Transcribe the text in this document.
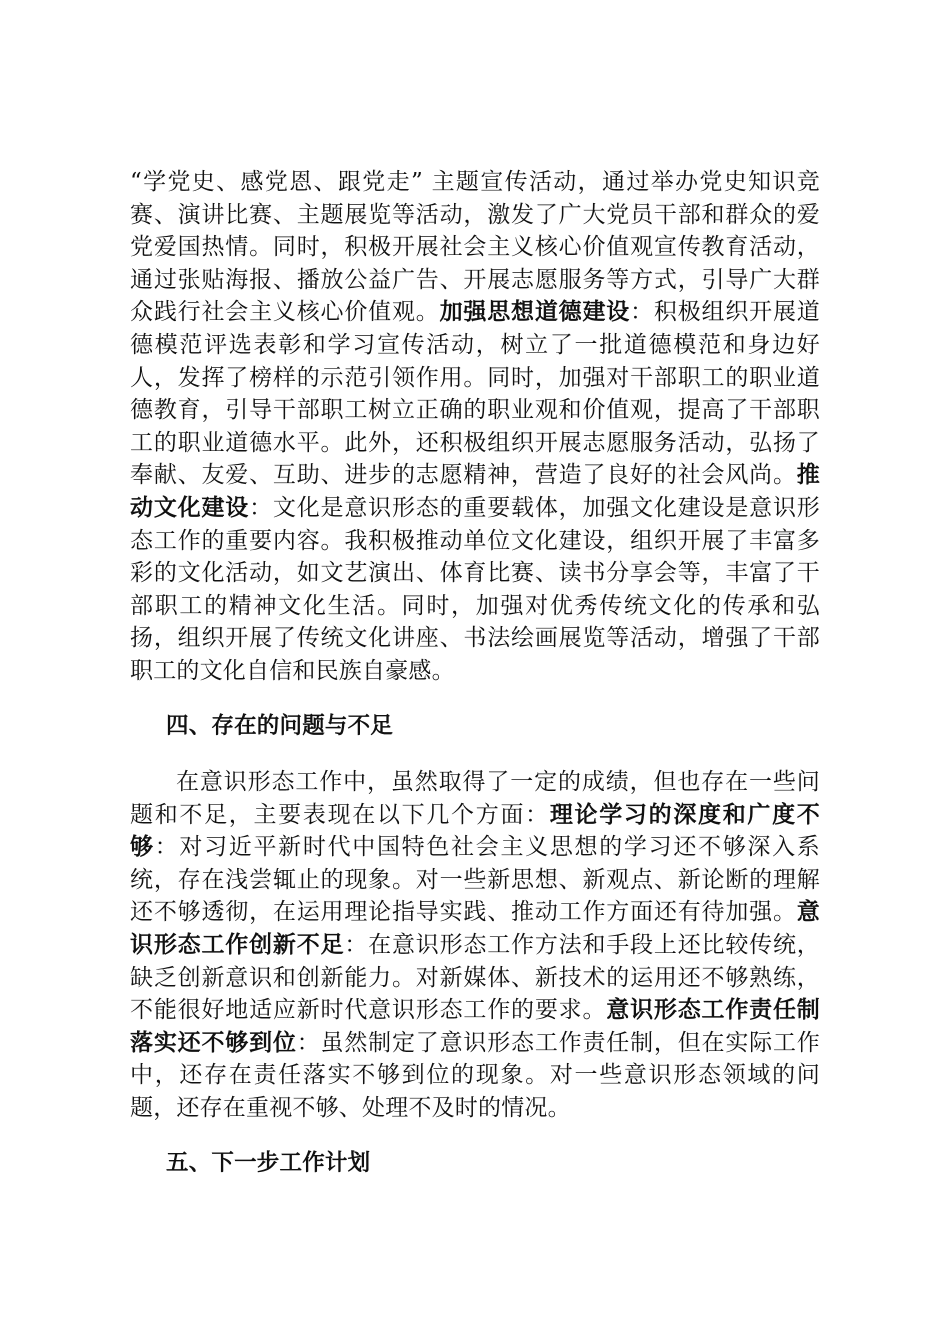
“学党史、感党恩、跟党走” 主题宣传活动，通过举办党史知识竞赛、演讲比赛、主题展览等活动，激发了广大党员干部和群众的爱党爱国热情。同时，积极开展社会主义核心价值观宣传教育活动，通过张贴海报、播放公益广告、开展志愿服务等方式，引导广大群众践行社会主义核心价值观。加强思想道德建设：积极组织开展道德模范评选表彰和学习宣传活动，树立了一批道德模范和身边好人，发挥了榜样的示范引领作用。同时，加强对干部职工的职业道德教育，引导干部职工树立正确的职业观和价值观，提高了干部职工的职业道德水平。此外，还积极组织开展志愿服务活动，弘扬了奉献、友爱、互助、进步的志愿精神，营造了良好的社会风尚。推动文化建设：文化是意识形态的重要载体，加强文化建设是意识形态工作的重要内容。我积极推动单位文化建设，组织开展了丰富多彩的文化活动，如文艺演出、体育比赛、读书分享会等，丰富了干部职工的精神文化生活。同时，加强对优秀传统文化的传承和弘扬，组织开展了传统文化讲座、书法绘画展览等活动，增强了干部职工的文化自信和民族自豪感。

四、存在的问题与不足

在意识形态工作中，虽然取得了一定的成绩，但也存在一些问题和不足，主要表现在以下几个方面：理论学习的深度和广度不够：对习近平新时代中国特色社会主义思想的学习还不够深入系统，存在浅尝辄止的现象。对一些新思想、新观点、新论断的理解还不够透彻，在运用理论指导实践、推动工作方面还有待加强。意识形态工作创新不足：在意识形态工作方法和手段上还比较传统，缺乏创新意识和创新能力。对新媒体、新技术的运用还不够熟练，不能很好地适应新时代意识形态工作的要求。意识形态工作责任制落实还不够到位：虽然制定了意识形态工作责任制，但在实际工作中，还存在责任落实不够到位的现象。对一些意识形态领域的问题，还存在重视不够、处理不及时的情况。

五、下一步工作计划
